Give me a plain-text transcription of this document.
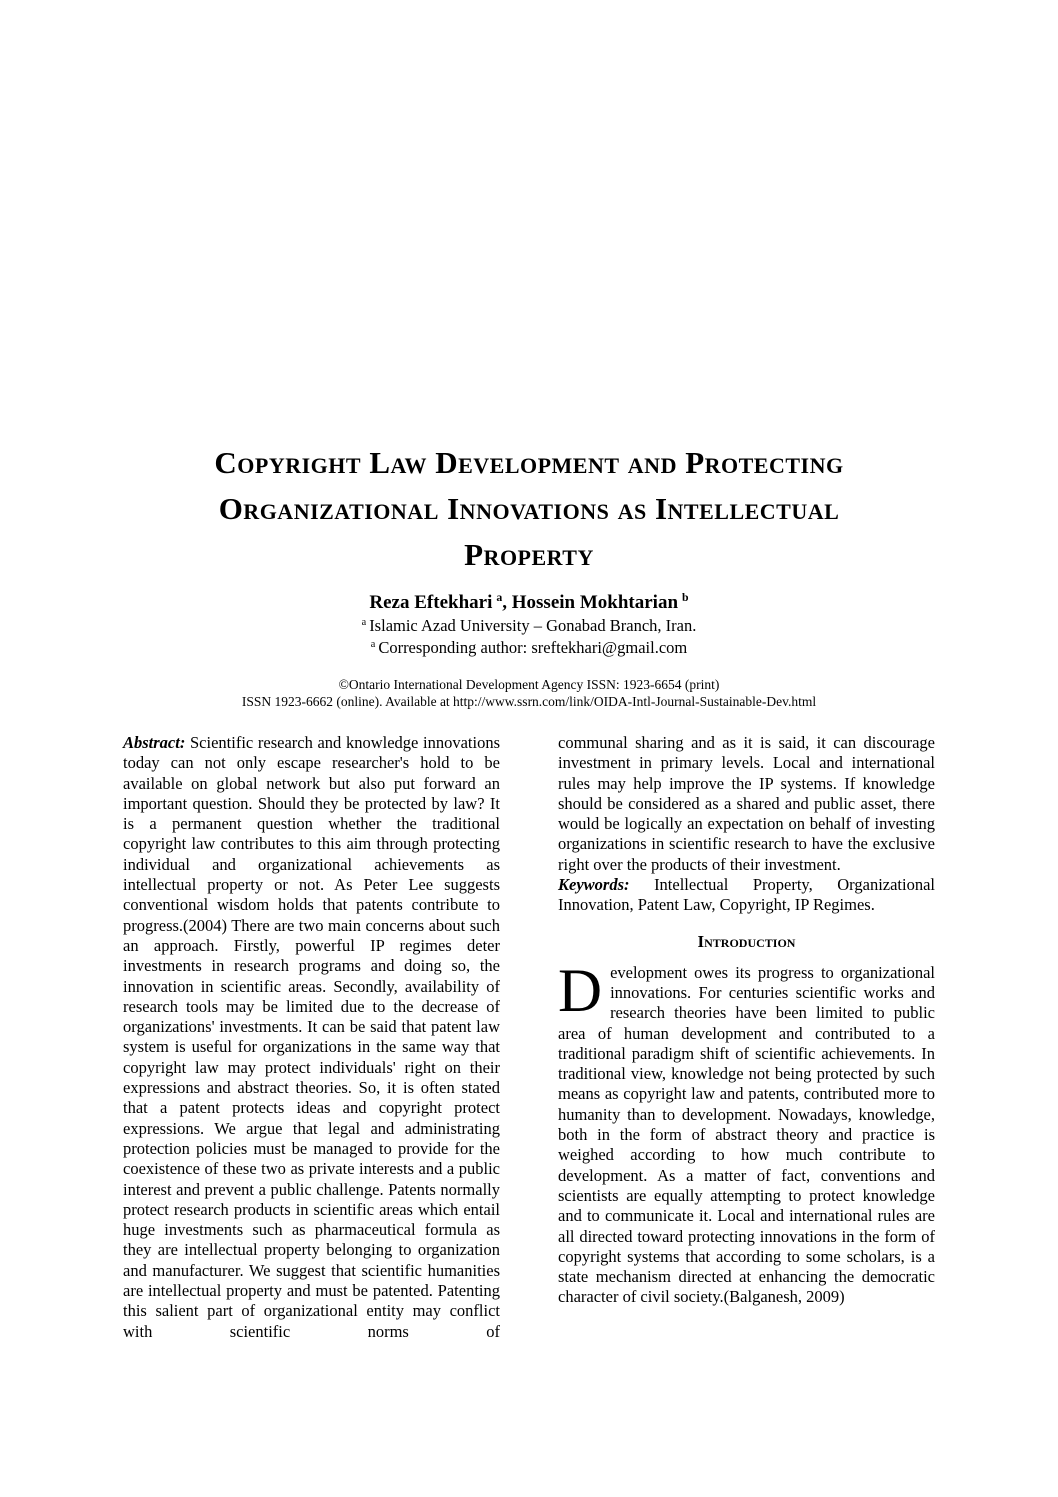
Copyright Law Development and Protecting
Organizational Innovations as Intellectual
Property

Reza Eftekhari $^a$, Hossein Mokhtarian $^b$

$^a$ Islamic Azad University – Gonabad Branch, Iran.

$^a$ Corresponding author: sreftekhari@gmail.com

©Ontario International Development Agency ISSN: 1923-6654 (print)

ISSN 1923-6662 (online). Available at http://www.ssrn.com/link/OIDA-Intl-Journal-Sustainable-Dev.html

Abstract: Scientific research and knowledge innovations today can not only escape researcher's hold to be available on global network but also put forward an important question. Should they be protected by law? It is a permanent question whether the traditional copyright law contributes to this aim through protecting individual and organizational achievements as intellectual property or not. As Peter Lee suggests conventional wisdom holds that patents contribute to progress.(2004) There are two main concerns about such an approach. Firstly, powerful IP regimes deter investments in research programs and doing so, the innovation in scientific areas. Secondly, availability of research tools may be limited due to the decrease of organizations' investments. It can be said that patent law system is useful for organizations in the same way that copyright law may protect individuals' right on their expressions and abstract theories. So, it is often stated that a patent protects ideas and copyright protect expressions. We argue that legal and administrating protection policies must be managed to provide for the coexistence of these two as private interests and a public interest and prevent a public challenge. Patents normally protect research products in scientific areas which entail huge investments such as pharmaceutical formula as they are intellectual property belonging to organization and manufacturer. We suggest that scientific humanities are intellectual property and must be patented. Patenting this salient part of organizational entity may conflict with scientific norms of

communal sharing and as it is said, it can discourage investment in primary levels. Local and international rules may help improve the IP systems. If knowledge should be considered as a shared and public asset, there would be logically an expectation on behalf of investing organizations in scientific research to have the exclusive right over the products of their investment.

Keywords: Intellectual Property, Organizational Innovation, Patent Law, Copyright, IP Regimes.

Introduction

Development owes its progress to organizational innovations. For centuries scientific works and research theories have been limited to public area of human development and contributed to a traditional paradigm shift of scientific achievements. In traditional view, knowledge not being protected by such means as copyright law and patents, contributed more to humanity than to development. Nowadays, knowledge, both in the form of abstract theory and practice is weighed according to how much contribute to development. As a matter of fact, conventions and scientists are equally attempting to protect knowledge and to communicate it. Local and international rules are all directed toward protecting innovations in the form of copyright systems that according to some scholars, is a state mechanism directed at enhancing the democratic character of civil society.(Balganesh, 2009)
